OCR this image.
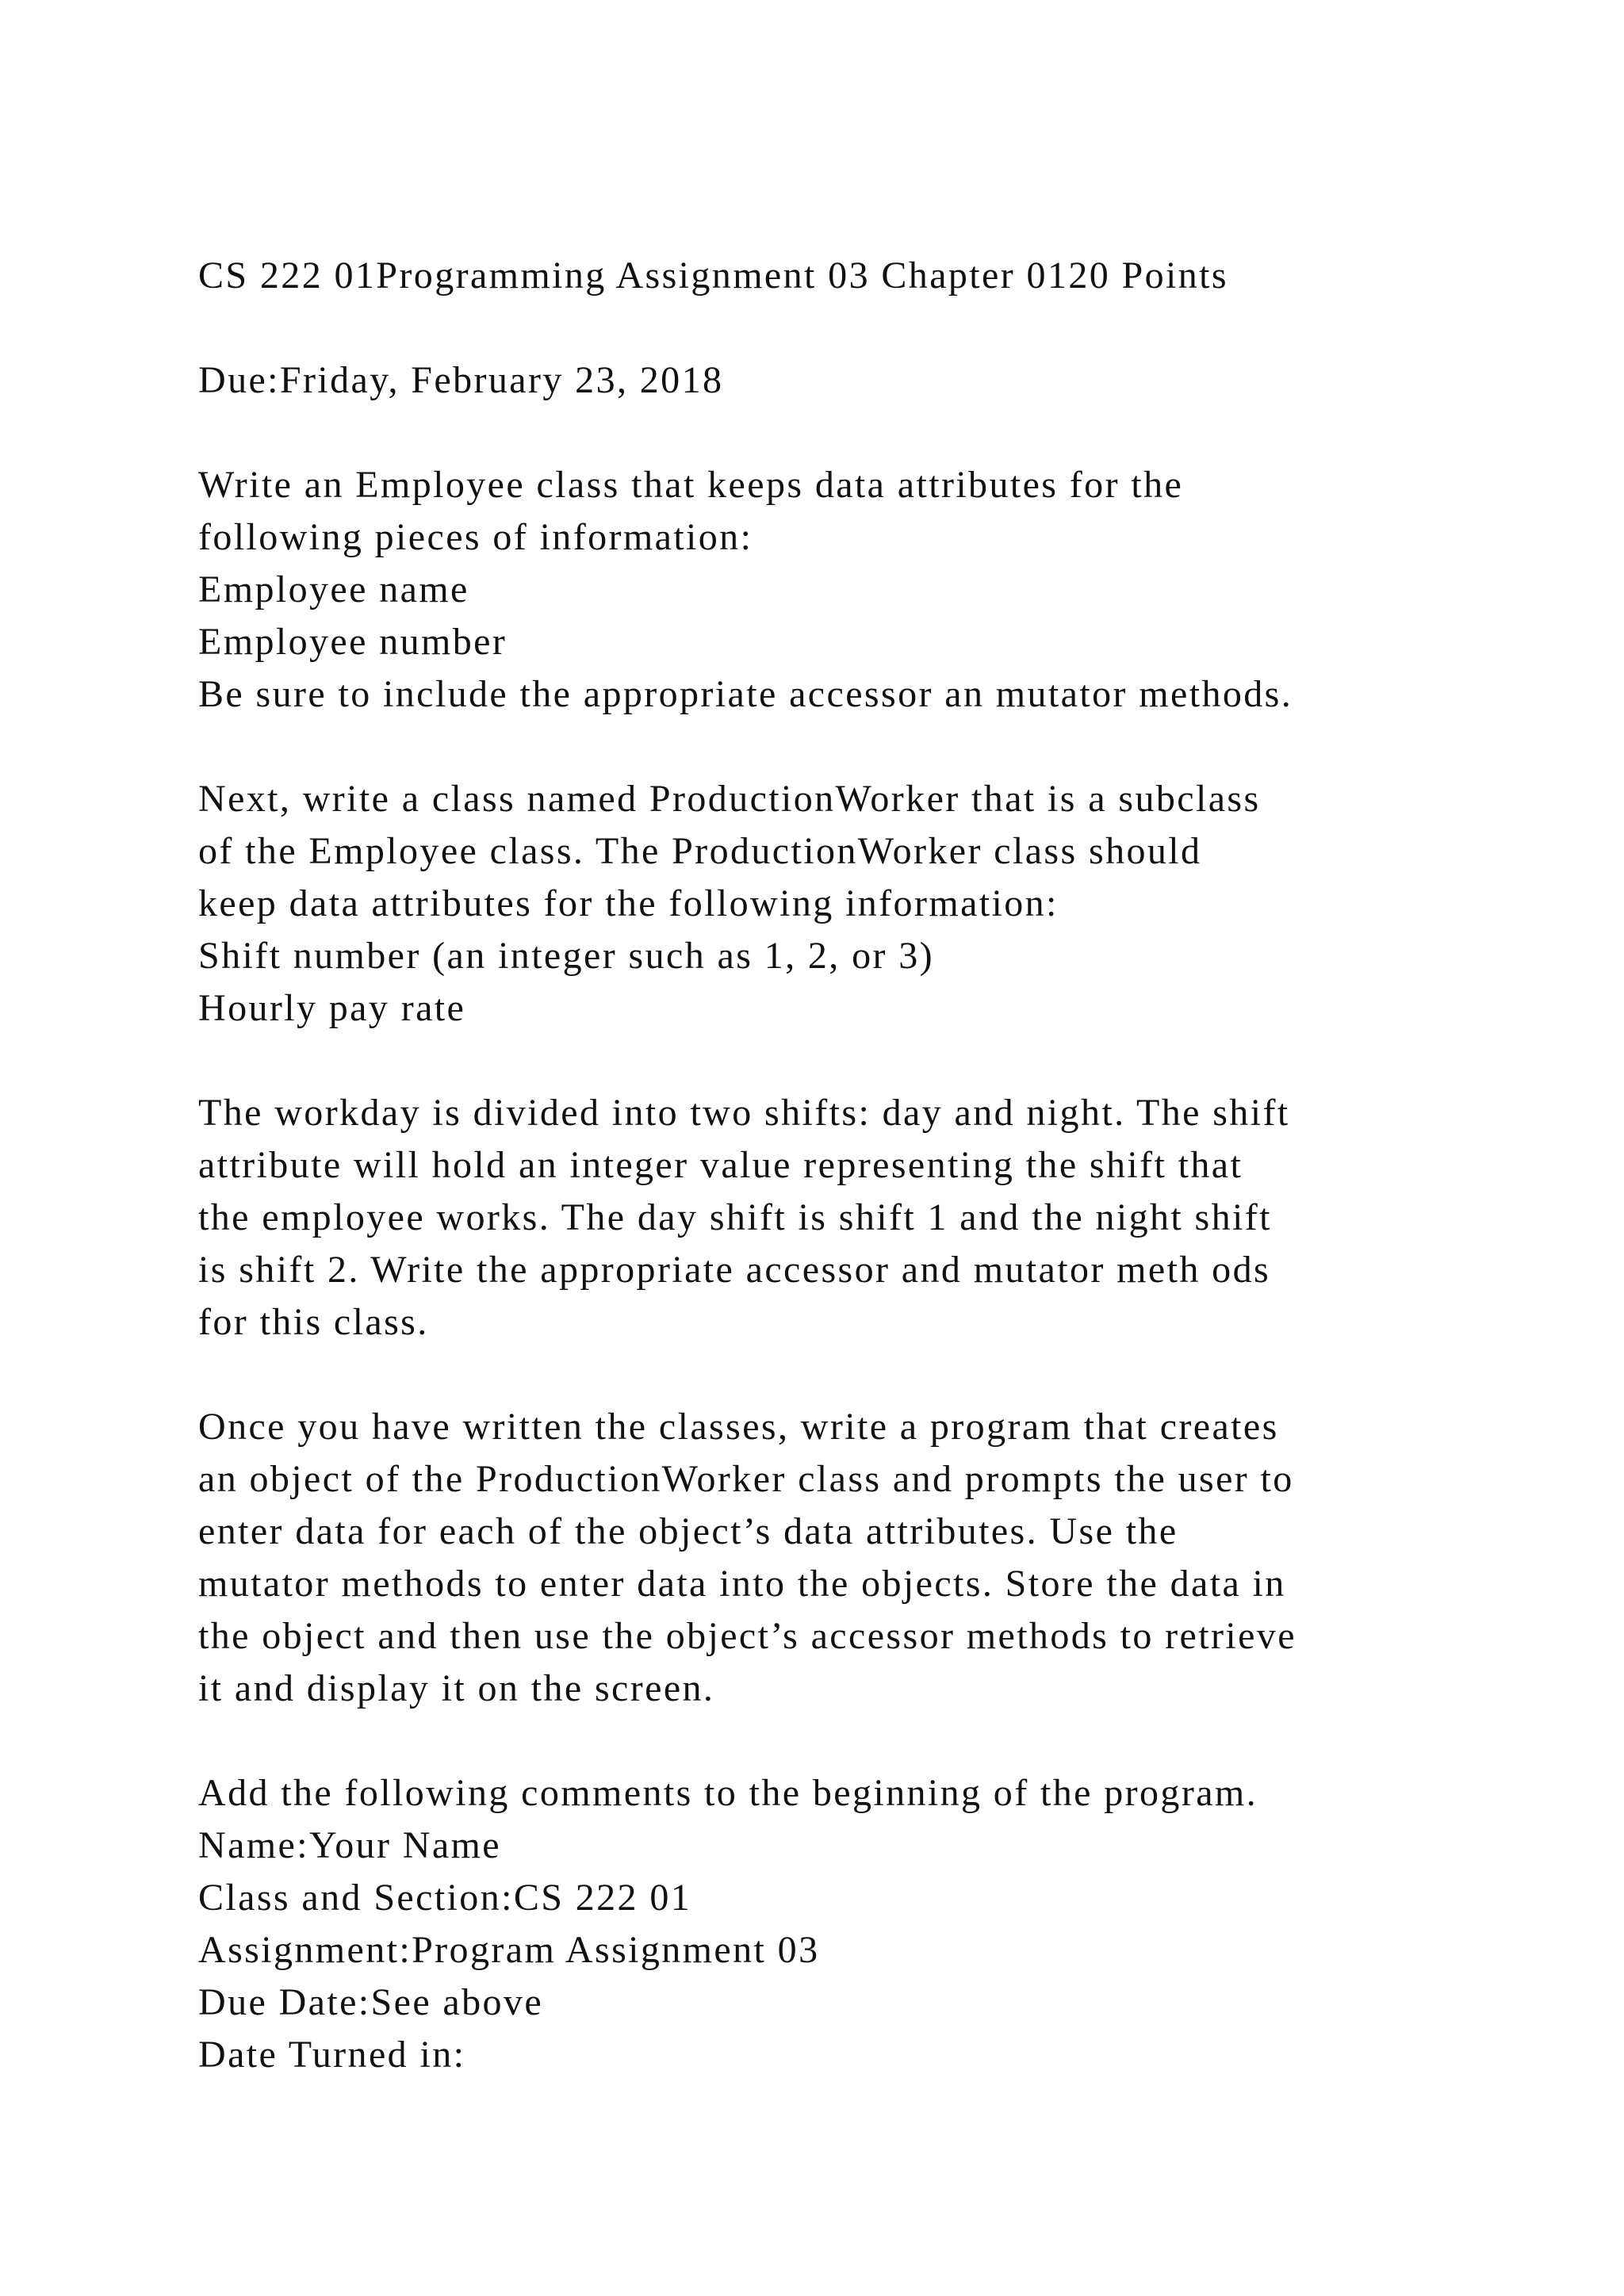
CS 222 01Programming Assignment 03 Chapter 0120 Points
Due:Friday, February 23, 2018
Write an Employee class that keeps data attributes for the
following pieces of information:
Employee name
Employee number
Be sure to include the appropriate accessor an mutator methods.
Next, write a class named ProductionWorker that is a subclass
of the Employee class. The ProductionWorker class should
keep data attributes for the following information:
Shift number (an integer such as 1, 2, or 3)
Hourly pay rate
The workday is divided into two shifts: day and night. The shift
attribute will hold an integer value representing the shift that
the employee works. The day shift is shift 1 and the night shift
is shift 2. Write the appropriate accessor and mutator meth ods
for this class.
Once you have written the classes, write a program that creates
an object of the ProductionWorker class and prompts the user to
enter data for each of the object’s data attributes. Use the
mutator methods to enter data into the objects. Store the data in
the object and then use the object’s accessor methods to retrieve
it and display it on the screen.
Add the following comments to the beginning of the program.
Name:Your Name
Class and Section:CS 222 01
Assignment:Program Assignment 03
Due Date:See above
Date Turned in:
